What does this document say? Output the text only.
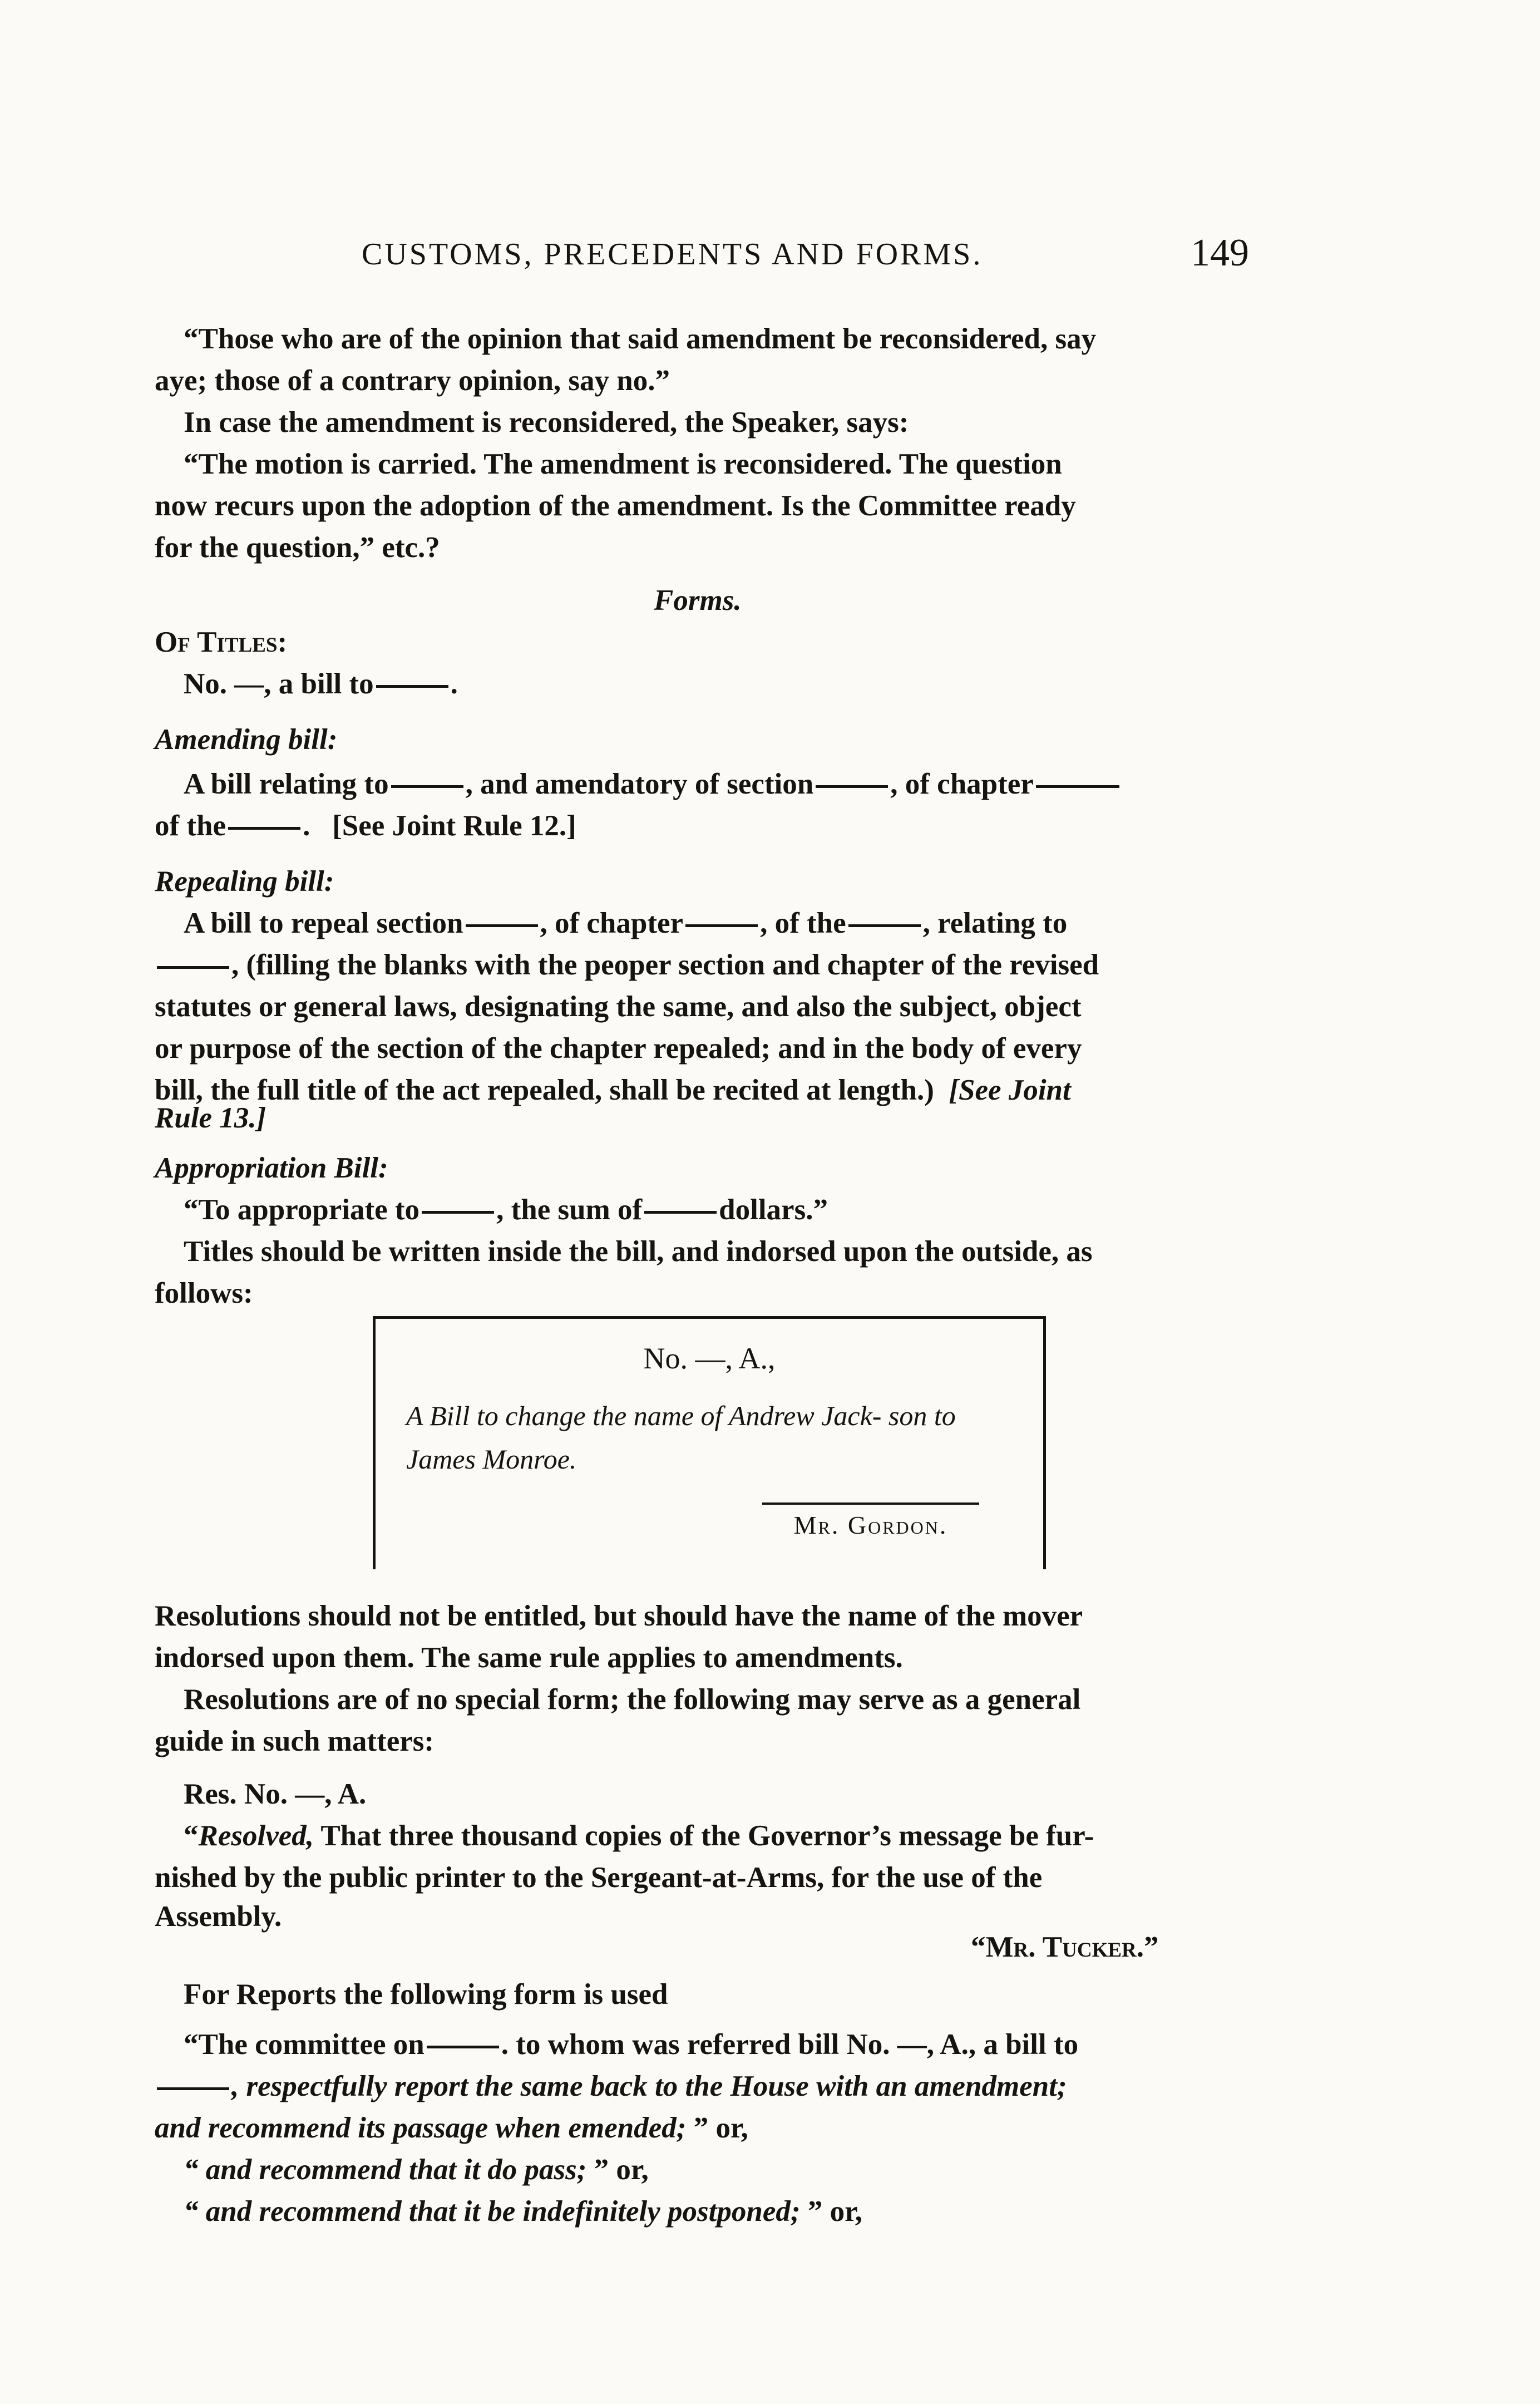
CUSTOMS, PRECEDENTS AND FORMS.	149
“Those who are of the opinion that said amendment be reconsidered, say
aye; those of a contrary opinion, say no.”
In case the amendment is reconsidered, the Speaker, says:
“The motion is carried. The amendment is reconsidered. The question
now recurs upon the adoption of the amendment. Is the Committee ready
for the question,” etc.?
Forms.
Of Titles:
No. —, a bill to	.
Amending bill:
A bill relating to	, and amendatory of section	, of chapter
of the	. [See Joint Rule 12.]
Repealing bill:
A bill to repeal section	, of chapter	, of the	, relating to
, (filling the blanks with the peoper section and chapter of the revised
statutes or general laws, designating the same, and also the subject, object
or purpose of the section of the chapter repealed; and in the body of every
bill, the full title of the act repealed, shall be recited at length.) [See Joint
Rule 13.]
Appropriation Bill:
“To appropriate to	, the sum of	dollars.”
Titles should be written inside the bill, and indorsed upon the outside, as
follows:
No. —, A.,
A Bill to change the name of Andrew Jack- son to James Monroe.
Mr. Gordon.
Resolutions should not be entitled, but should have the name of the mover
indorsed upon them. The same rule applies to amendments.
Resolutions are of no special form; the following may serve as a general
guide in such matters:
Res. No. —, A.
“Resolved, That three thousand copies of the Governor’s message be fur-
nished by the public printer to the Sergeant-at-Arms, for the use of the
Assembly.
“Mr. Tucker.”
For Reports the following form is used
“The committee on	. to whom was referred bill No. —, A., a bill to
, respectfully report the same back to the House with an amendment;
and recommend its passage when emended; ” or,
“ and recommend that it do pass; ” or,
“ and recommend that it be indefinitely postponed; ” or,
